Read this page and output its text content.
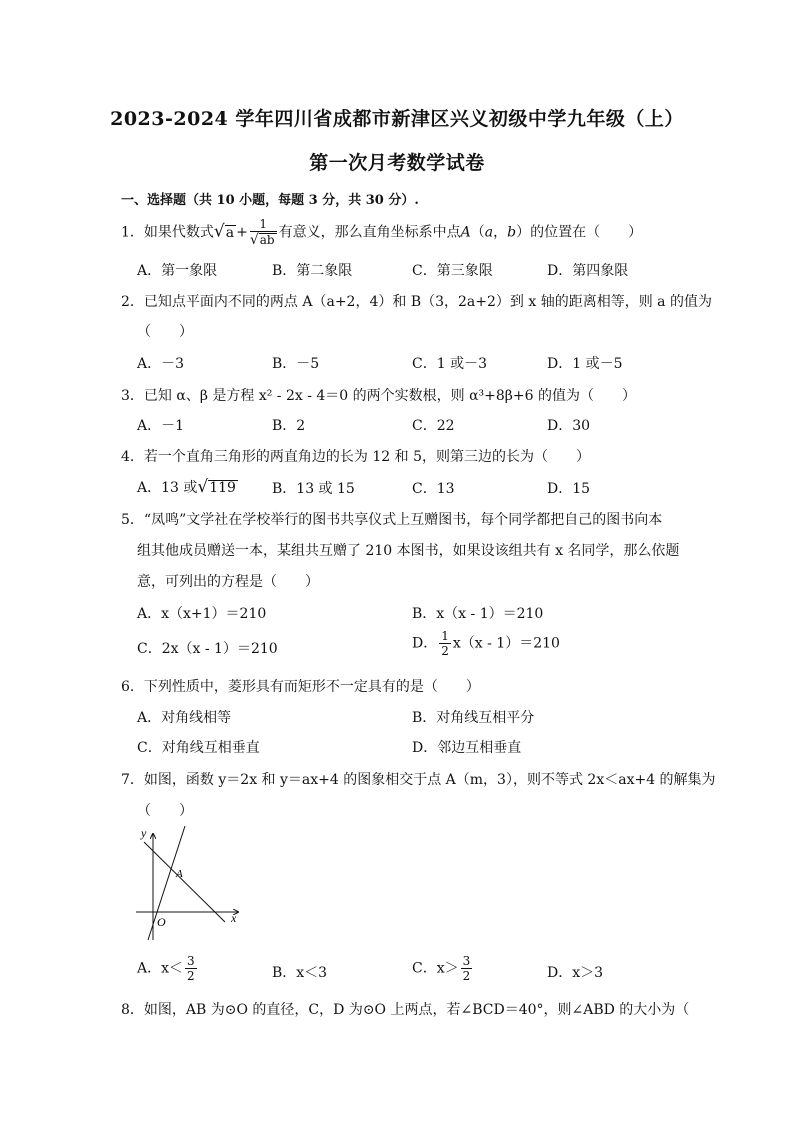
2023-2024 学年四川省成都市新津区兴义初级中学九年级（上）
第一次月考数学试卷
一、选择题（共 10 小题，每题 3 分，共 30 分）.
1．如果代数式$√a + \frac{1}{√ab}$ 有意义，那么直角坐标系中点A（a，b）的位置在（　　）
A．第一象限	B．第二象限	C．第三象限	D．第四象限
2．已知点平面内不同的两点 A（a+2，4）和 B（3，2a+2）到 x 轴的距离相等，则 a 的值为
（　　）
A．－3	B．－5	C．1 或－3	D．1 或－5
3．已知 α、β 是方程 x² - 2x - 4＝0 的两个实数根，则 α³+8β+6 的值为（　　）
A．－1	B．2	C．22	D．30
4．若一个直角三角形的两直角边的长为 12 和 5，则第三边的长为（　　）
A．13 或√119	B．13 或 15	C．13	D．15
5．“凤鸣”文学社在学校举行的图书共享仪式上互赠图书，每个同学都把自己的图书向本
组其他成员赠送一本，某组共互赠了 210 本图书，如果设该组共有 x 名同学，那么依题
意，可列出的方程是（　　）
A．x（x+1）＝210	B．x（x - 1）＝210
C．2x（x - 1）＝210	D． $\frac{1}{2} x(x - 1)=210$
6．下列性质中，菱形具有而矩形不一定具有的是（　　）
A．对角线相等	B．对角线互相平分
C．对角线互相垂直	D．邻边互相垂直
7．如图，函数 y＝2x 和 y＝ax+4 的图象相交于点 A（m，3），则不等式 2x＜ax+4 的解集为
（　　）
y
x
O
A
A．$x< \frac{3}{2}$	B．x＜3	C．$x> \frac{3}{2}$	D．x＞3
8．如图，AB 为⊙O 的直径，C，D 为⊙O 上两点，若∠BCD＝40°，则∠ABD 的大小为（
